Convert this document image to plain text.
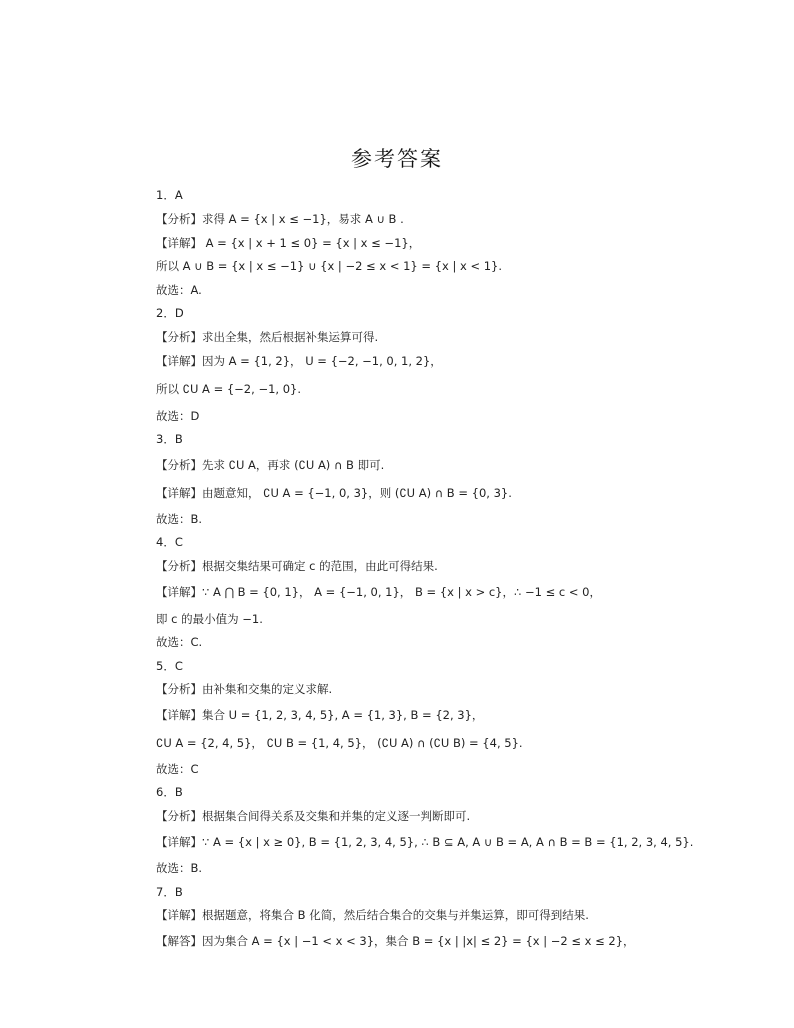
参考答案
1．A
【分析】求得 A = {x | x ≤ −1}，易求 A ∪ B .
【详解】 A = {x | x + 1 ≤ 0} = {x | x ≤ −1}，
所以 A ∪ B = {x | x ≤ −1} ∪ {x | −2 ≤ x < 1} = {x | x < 1}.
故选：A.
2．D
【分析】求出全集，然后根据补集运算可得.
【详解】因为 A = {1, 2}， U = {−2, −1, 0, 1, 2}，
所以 ∁U A = {−2, −1, 0}.
故选：D
3．B
【分析】先求 ∁U A，再求 (∁U A) ∩ B 即可.
【详解】由题意知， ∁U A = {−1, 0, 3}，则 (∁U A) ∩ B = {0, 3}.
故选：B.
4．C
【分析】根据交集结果可确定 c 的范围，由此可得结果.
【详解】∵ A ⋂ B = {0, 1}， A = {−1, 0, 1}， B = {x | x > c}，∴ −1 ≤ c < 0，
即 c 的最小值为 −1.
故选：C.
5．C
【分析】由补集和交集的定义求解.
【详解】集合 U = {1, 2, 3, 4, 5}, A = {1, 3}, B = {2, 3}，
∁U A = {2, 4, 5}， ∁U B = {1, 4, 5}， (∁U A) ∩ (∁U B) = {4, 5}.
故选：C
6．B
【分析】根据集合间得关系及交集和并集的定义逐一判断即可.
【详解】∵ A = {x | x ≥ 0}, B = {1, 2, 3, 4, 5}, ∴ B ⊆ A, A ∪ B = A, A ∩ B = B = {1, 2, 3, 4, 5}.
故选：B.
7．B
【详解】根据题意，将集合 B 化简，然后结合集合的交集与并集运算，即可得到结果.
【解答】因为集合 A = {x | −1 < x < 3}，集合 B = {x | |x| ≤ 2} = {x | −2 ≤ x ≤ 2}，
